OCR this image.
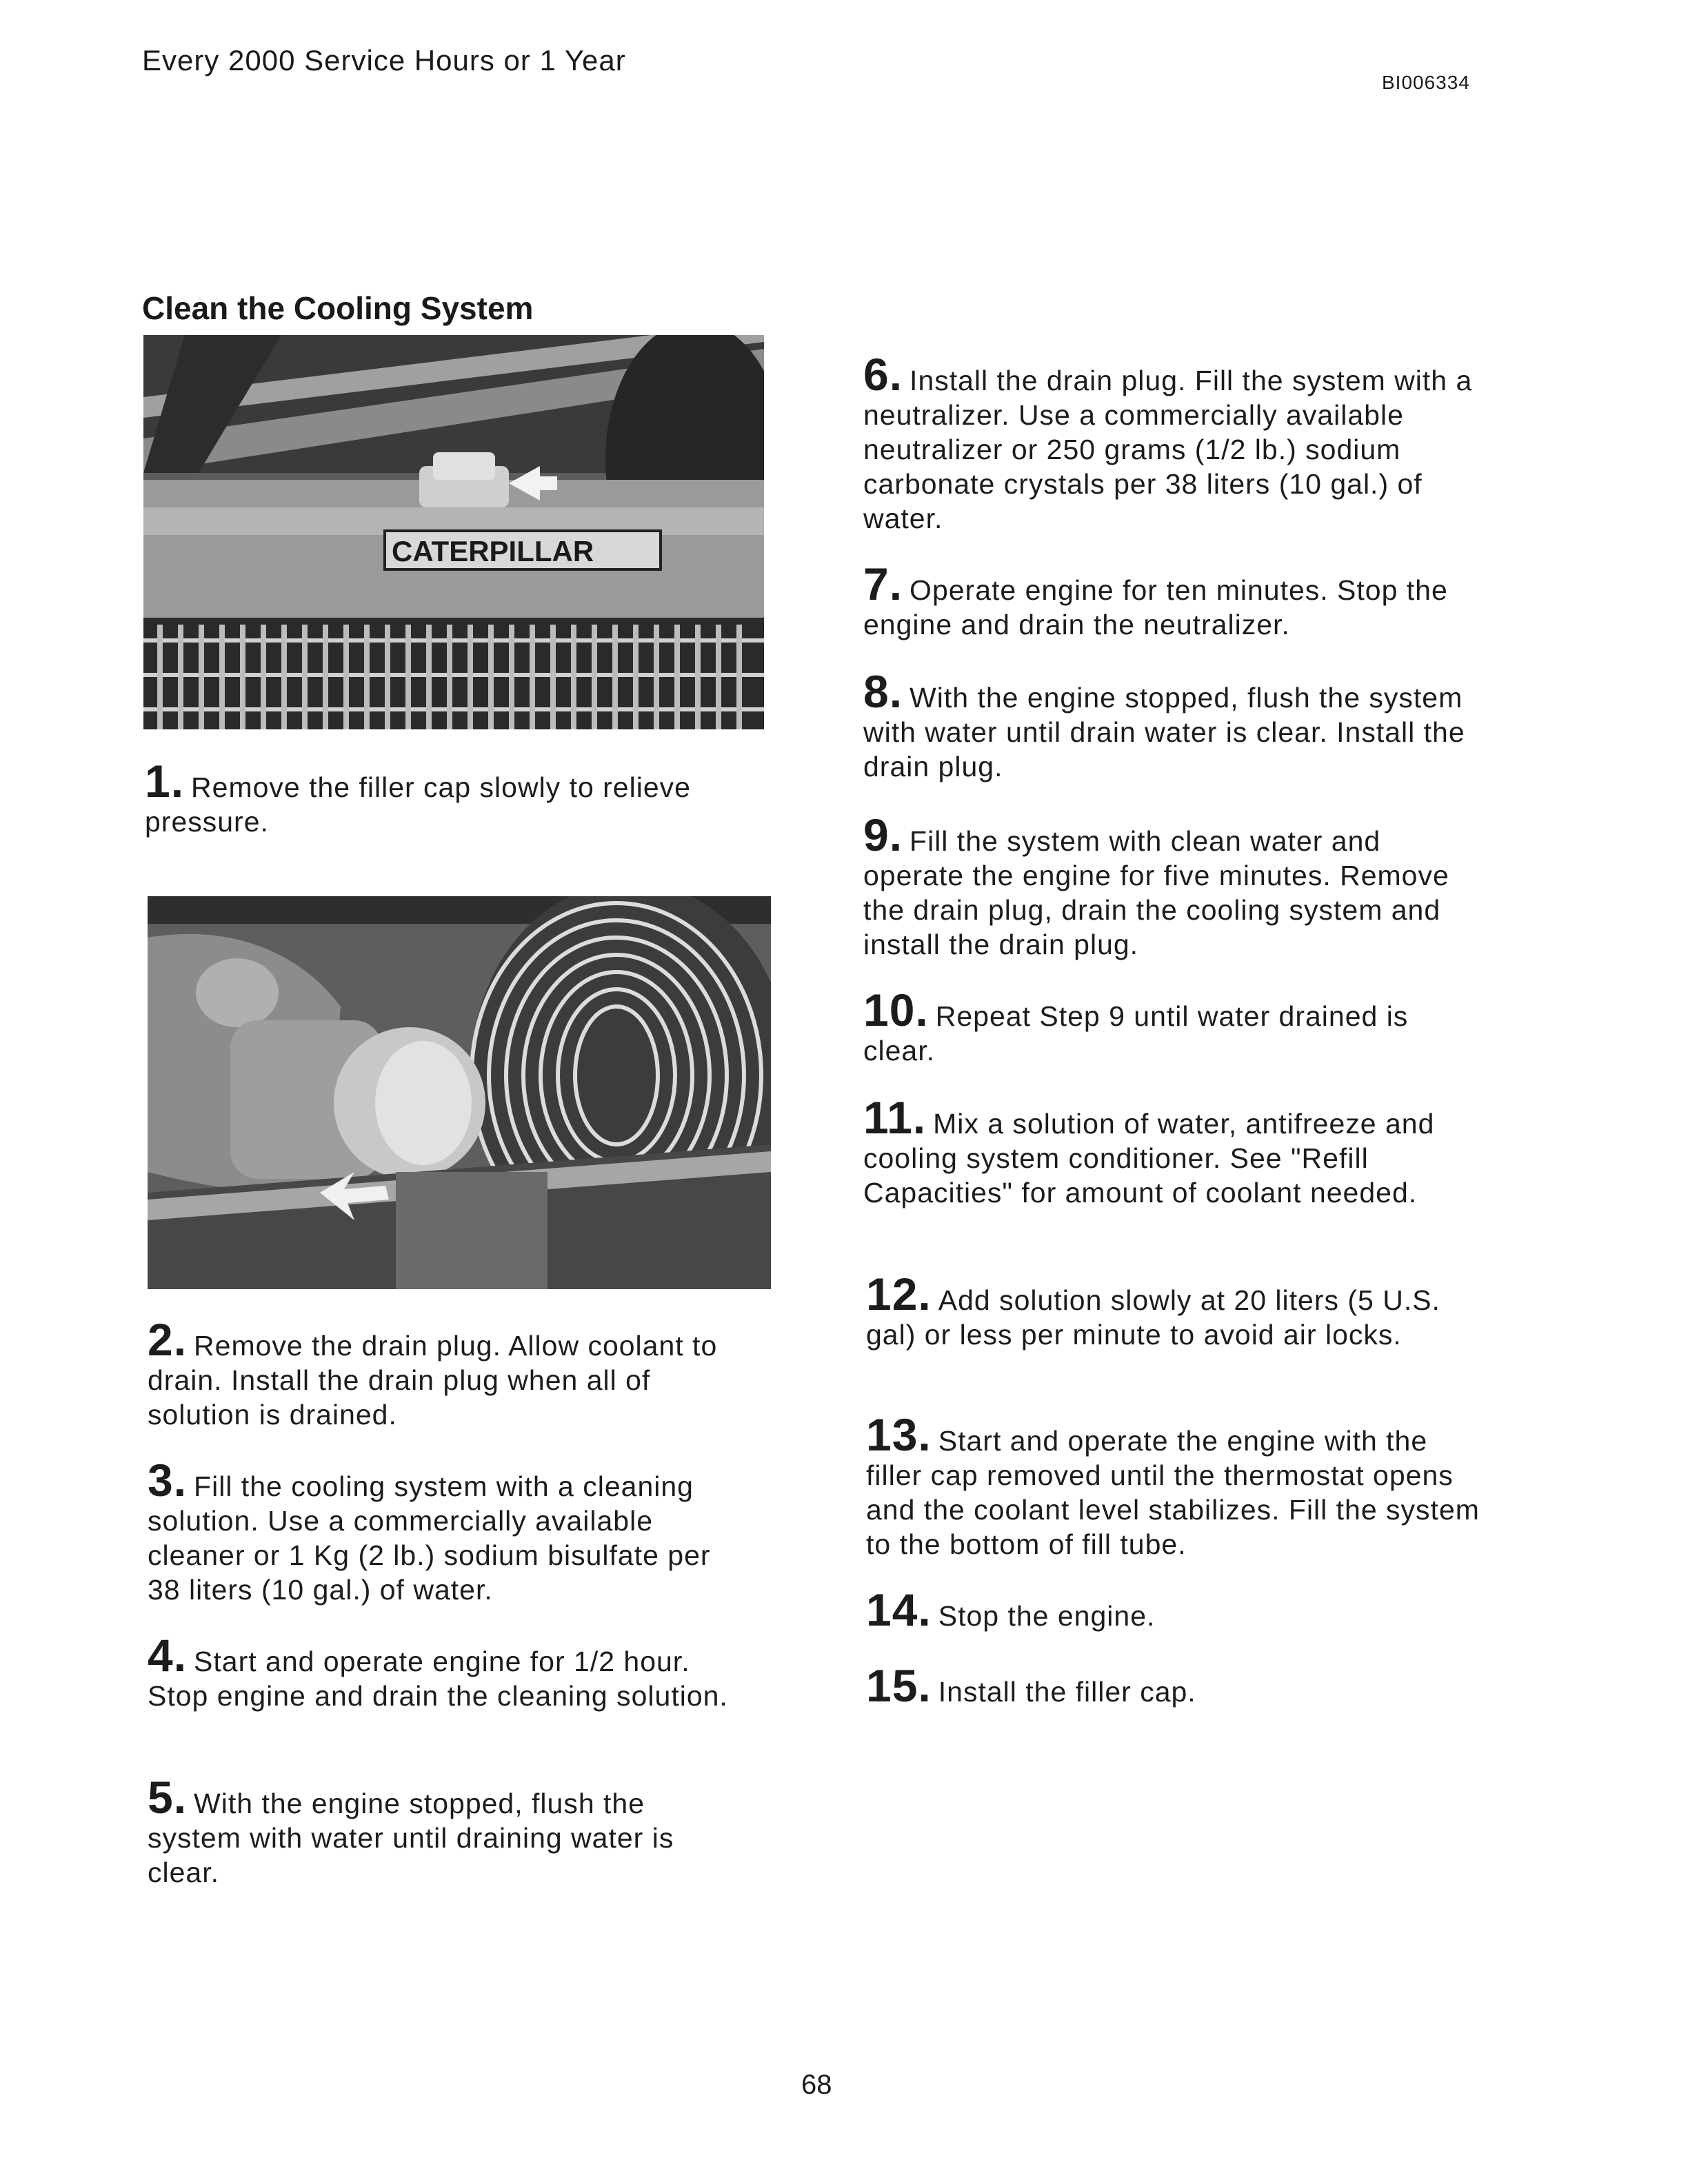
Every 2000 Service Hours or 1 Year
BI006334
Clean the Cooling System
CATERPILLAR
1. Remove the filler cap slowly to relieve pressure.
2. Remove the drain plug. Allow coolant to drain. Install the drain plug when all of solution is drained.
3. Fill the cooling system with a cleaning solution. Use a commercially available cleaner or 1 Kg (2 lb.) sodium bisulfate per 38 liters (10 gal.) of water.
4. Start and operate engine for 1/2 hour. Stop engine and drain the cleaning solution.
5. With the engine stopped, flush the system with water until draining water is clear.
6. Install the drain plug. Fill the system with a neutralizer. Use a commercially available neutralizer or 250 grams (1/2 lb.) sodium carbonate crystals per 38 liters (10 gal.) of water.
7. Operate engine for ten minutes. Stop the engine and drain the neutralizer.
8. With the engine stopped, flush the system with water until drain water is clear. Install the drain plug.
9. Fill the system with clean water and operate the engine for five minutes. Remove the drain plug, drain the cooling system and install the drain plug.
10. Repeat Step 9 until water drained is clear.
11. Mix a solution of water, antifreeze and cooling system conditioner. See "Refill Capacities" for amount of coolant needed.
12. Add solution slowly at 20 liters (5 U.S. gal) or less per minute to avoid air locks.
13. Start and operate the engine with the filler cap removed until the thermostat opens and the coolant level stabilizes. Fill the system to the bottom of fill tube.
14. Stop the engine.
15. Install the filler cap.
68
